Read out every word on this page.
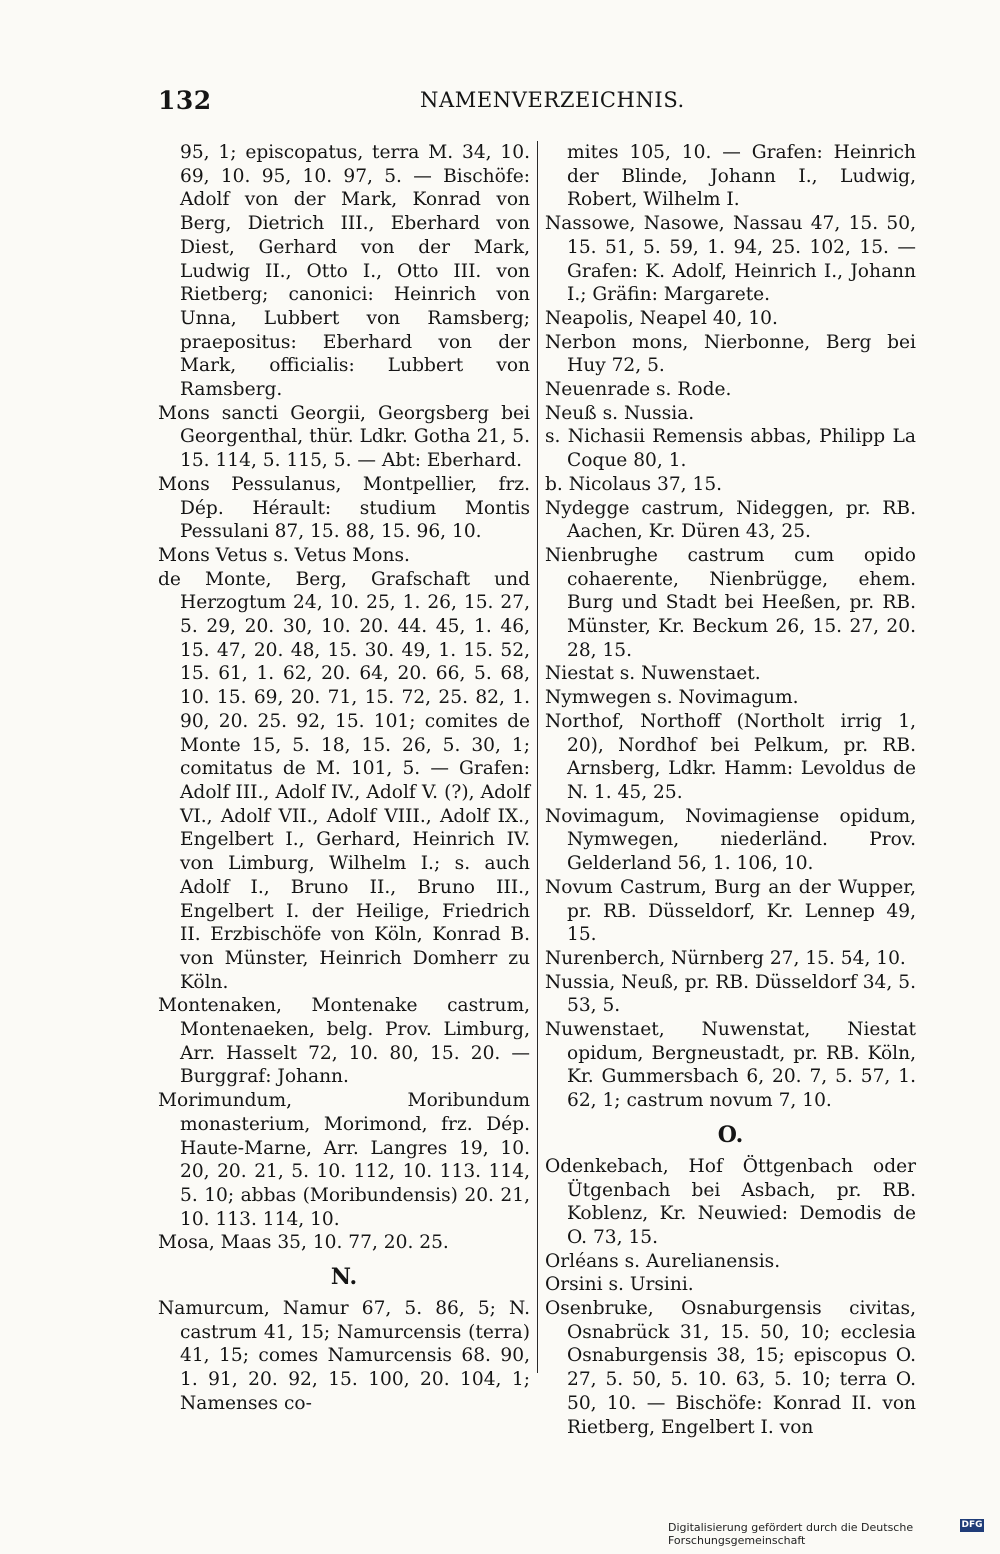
132	NAMENVERZEICHNIS.

95, 1; episcopatus, terra M. 34, 10. 69, 10. 95, 10. 97, 5. — Bischöfe: Adolf von der Mark, Konrad von Berg, Dietrich III., Eberhard von Diest, Gerhard von der Mark, Ludwig II., Otto I., Otto III. von Rietberg; canonici: Heinrich von Unna, Lubbert von Ramsberg; praepositus: Eberhard von der Mark, officialis: Lubbert von Ramsberg.

Mons sancti Georgii, Georgsberg bei Georgenthal, thür. Ldkr. Gotha 21, 5. 15. 114, 5. 115, 5. — Abt: Eberhard.

Mons Pessulanus, Montpellier, frz. Dép. Hérault: studium Montis Pessulani 87, 15. 88, 15. 96, 10.

Mons Vetus s. Vetus Mons.

de Monte, Berg, Grafschaft und Herzogtum 24, 10. 25, 1. 26, 15. 27, 5. 29, 20. 30, 10. 20. 44. 45, 1. 46, 15. 47, 20. 48, 15. 30. 49, 1. 15. 52, 15. 61, 1. 62, 20. 64, 20. 66, 5. 68, 10. 15. 69, 20. 71, 15. 72, 25. 82, 1. 90, 20. 25. 92, 15. 101; comites de Monte 15, 5. 18, 15. 26, 5. 30, 1; comitatus de M. 101, 5. — Grafen: Adolf III., Adolf IV., Adolf V. (?), Adolf VI., Adolf VII., Adolf VIII., Adolf IX., Engelbert I., Gerhard, Heinrich IV. von Limburg, Wilhelm I.; s. auch Adolf I., Bruno II., Bruno III., Engelbert I. der Heilige, Friedrich II. Erzbischöfe von Köln, Konrad B. von Münster, Heinrich Domherr zu Köln.

Montenaken, Montenake castrum, Montenaeken, belg. Prov. Limburg, Arr. Hasselt 72, 10. 80, 15. 20. — Burggraf: Johann.

Morimundum, Moribundum monasterium, Morimond, frz. Dép. Haute-Marne, Arr. Langres 19, 10. 20, 20. 21, 5. 10. 112, 10. 113. 114, 5. 10; abbas (Moribundensis) 20. 21, 10. 113. 114, 10.

Mosa, Maas 35, 10. 77, 20. 25.

N.

Namurcum, Namur 67, 5. 86, 5; N. castrum 41, 15; Namurcensis (terra) 41, 15; comes Namurcensis 68. 90, 1. 91, 20. 92, 15. 100, 20. 104, 1; Namenses co-

mites 105, 10. — Grafen: Heinrich der Blinde, Johann I., Ludwig, Robert, Wilhelm I.

Nassowe, Nasowe, Nassau 47, 15. 50, 15. 51, 5. 59, 1. 94, 25. 102, 15. — Grafen: K. Adolf, Heinrich I., Johann I.; Gräfin: Margarete.

Neapolis, Neapel 40, 10.

Nerbon mons, Nierbonne, Berg bei Huy 72, 5.

Neuenrade s. Rode.

Neuß s. Nussia.

s. Nichasii Remensis abbas, Philipp La Coque 80, 1.

b. Nicolaus 37, 15.

Nydegge castrum, Nideggen, pr. RB. Aachen, Kr. Düren 43, 25.

Nienbrughe castrum cum opido cohaerente, Nienbrügge, ehem. Burg und Stadt bei Heeßen, pr. RB. Münster, Kr. Beckum 26, 15. 27, 20. 28, 15.

Niestat s. Nuwenstaet.

Nymwegen s. Novimagum.

Northof, Northoff (Northolt irrig 1, 20), Nordhof bei Pelkum, pr. RB. Arnsberg, Ldkr. Hamm: Levoldus de N. 1. 45, 25.

Novimagum, Novimagiense opidum, Nymwegen, niederländ. Prov. Gelderland 56, 1. 106, 10.

Novum Castrum, Burg an der Wupper, pr. RB. Düsseldorf, Kr. Lennep 49, 15.

Nurenberch, Nürnberg 27, 15. 54, 10.

Nussia, Neuß, pr. RB. Düsseldorf 34, 5. 53, 5.

Nuwenstaet, Nuwenstat, Niestat opidum, Bergneustadt, pr. RB. Köln, Kr. Gummersbach 6, 20. 7, 5. 57, 1. 62, 1; castrum novum 7, 10.

O.

Odenkebach, Hof Öttgenbach oder Ütgenbach bei Asbach, pr. RB. Koblenz, Kr. Neuwied: Demodis de O. 73, 15.

Orléans s. Aurelianensis.

Orsini s. Ursini.

Osenbruke, Osnaburgensis civitas, Osnabrück 31, 15. 50, 10; ecclesia Osnaburgensis 38, 15; episcopus O. 27, 5. 50, 5. 10. 63, 5. 10; terra O. 50, 10. — Bischöfe: Konrad II. von Rietberg, Engelbert I. von

Digitalisierung gefördert durch die Deutsche Forschungsgemeinschaft
DFG
